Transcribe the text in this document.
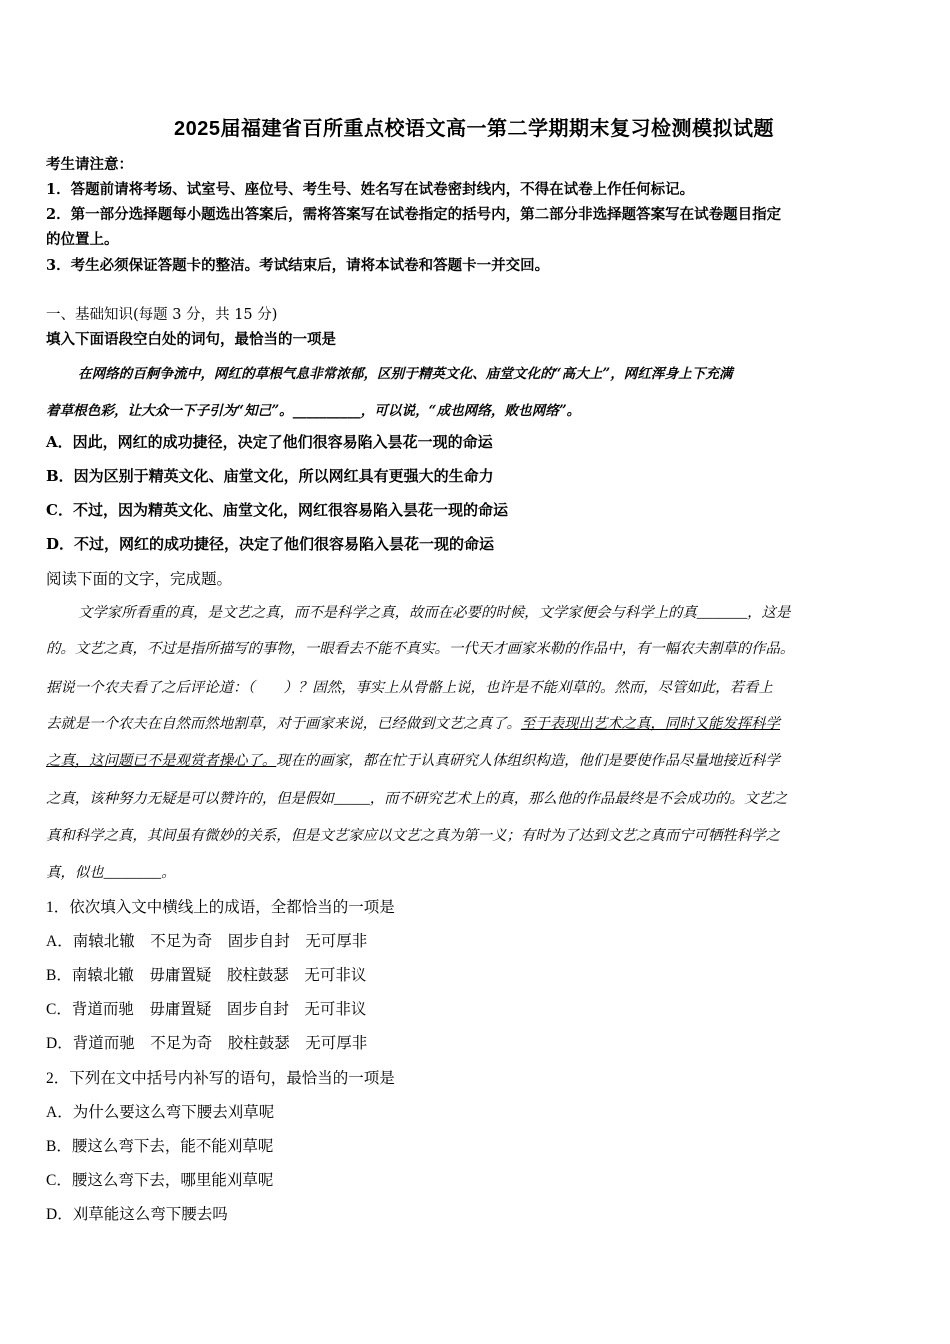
2025届福建省百所重点校语文高一第二学期期末复习检测模拟试题
考生请注意：
1．答题前请将考场、试室号、座位号、考生号、姓名写在试卷密封线内，不得在试卷上作任何标记。
2．第一部分选择题每小题选出答案后，需将答案写在试卷指定的括号内，第二部分非选择题答案写在试卷题目指定
的位置上。
3．考生必须保证答题卡的整洁。考试结束后，请将本试卷和答题卡一并交回。
一、基础知识(每题 3 分，共 15 分)
填入下面语段空白处的词句，最恰当的一项是
在网络的百舸争流中，网红的草根气息非常浓郁，区别于精英文化、庙堂文化的“高大上”，网红浑身上下充满
着草根色彩，让大众一下子引为“知己”。__________，可以说，“成也网络，败也网络”。
A．因此，网红的成功捷径，决定了他们很容易陷入昙花一现的命运
B．因为区别于精英文化、庙堂文化，所以网红具有更强大的生命力
C．不过，因为精英文化、庙堂文化，网红很容易陷入昙花一现的命运
D．不过，网红的成功捷径，决定了他们很容易陷入昙花一现的命运
阅读下面的文字，完成题。
文学家所看重的真，是文艺之真，而不是科学之真，故而在必要的时候，文学家便会与科学上的真_______，这是
的。文艺之真，不过是指所描写的事物，一眼看去不能不真实。一代天才画家米勒的作品中，有一幅农夫割草的作品。
据说一个农夫看了之后评论道：（　　）？固然，事实上从骨骼上说，也许是不能刈草的。然而，尽管如此，若看上
去就是一个农夫在自然而然地割草，对于画家来说，已经做到文艺之真了。至于表现出艺术之真，同时又能发挥科学
之真，这问题已不是观赏者操心了。现在的画家，都在忙于认真研究人体组织构造，他们是要使作品尽量地接近科学
之真，该种努力无疑是可以赞许的，但是假如_____，而不研究艺术上的真，那么他的作品最终是不会成功的。文艺之
真和科学之真，其间虽有微妙的关系，但是文艺家应以文艺之真为第一义；有时为了达到文艺之真而宁可牺牲科学之
真，似也________。
1．依次填入文中横线上的成语，全都恰当的一项是
A．南辕北辙　不足为奇　固步自封　无可厚非
B．南辕北辙　毋庸置疑　胶柱鼓瑟　无可非议
C．背道而驰　毋庸置疑　固步自封　无可非议
D．背道而驰　不足为奇　胶柱鼓瑟　无可厚非
2．下列在文中括号内补写的语句，最恰当的一项是
A．为什么要这么弯下腰去刈草呢
B．腰这么弯下去，能不能刈草呢
C．腰这么弯下去，哪里能刈草呢
D．刈草能这么弯下腰去吗
